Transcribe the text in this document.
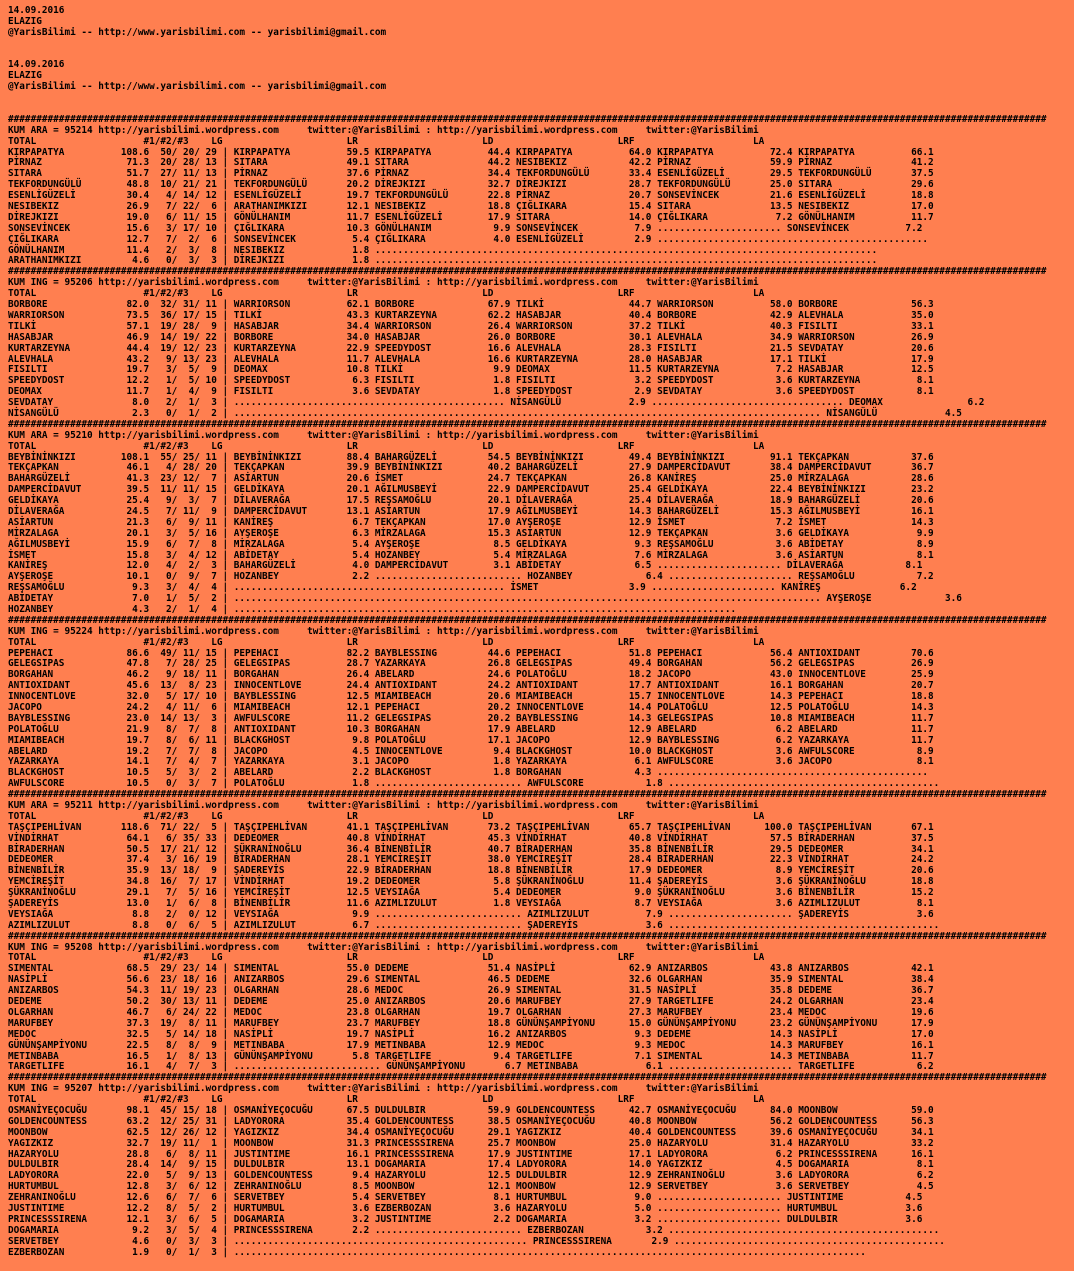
14.09.2016
ELAZIG
@YarisBilimi -- http://www.yarisbilimi.com -- yarisbilimi@gmail.com
14.09.2016
ELAZIG
@YarisBilimi -- http://www.yarisbilimi.com -- yarisbilimi@gmail.com
########################################################################################################################################################################################
KUM ARA = 95214 http://yarisbilimi.wordpress.com     twitter:@YarisBilimi : http://yarisbilimi.wordpress.com     twitter:@YarisBilimi
TOTAL                   #1/#2/#3    LG                      LR                      LD                      LRF                     LA
KIRPAPATYA          108.6  50/ 20/ 29 | KIRPAPATYA          59.5 KIRPAPATYA          44.4 KIRPAPATYA          64.0 KIRPAPATYA          72.4 KIRPAPATYA          66.1
PİRNAZ               71.3  20/ 28/ 13 | SITARA              49.1 SITARA              44.2 NESIBEKIZ           42.2 PİRNAZ              59.9 PİRNAZ              41.2
SITARA               51.7  27/ 11/ 13 | PİRNAZ              37.6 PİRNAZ              34.4 TEKFORDUNGÜLÜ       33.4 ESENLİGÜZELİ        29.5 TEKFORDUNGÜLÜ       37.5
TEKFORDUNGÜLÜ        48.8  10/ 21/ 21 | TEKFORDUNGÜLÜ       20.2 DİREJKIZI           32.7 DİREJKIZI           28.7 TEKFORDUNGÜLÜ       25.0 SITARA              29.6
ESENLİGÜZELİ         30.4   4/ 14/ 12 | ESENLİGÜZELİ        19.7 TEKFORDUNGÜLÜ       22.8 PİRNAZ              20.7 SONSEVİNCEK         21.6 ESENLİGÜZELİ        18.8
NESIBEKIZ            26.9   7/ 22/  6 | ARATHANIMKIZI       12.1 NESIBEKIZ           18.8 ÇIĞLIKARA           15.4 SITARA              13.5 NESIBEKIZ           17.0
DİREJKIZI            19.0   6/ 11/ 15 | GÖNÜLHANIM          11.7 ESENLİGÜZELİ        17.9 SITARA              14.0 ÇIĞLIKARA            7.2 GÖNÜLHANIM          11.7
SONSEVİNCEK          15.6   3/ 17/ 10 | ÇIĞLIKARA           10.3 GÖNÜLHANIM           9.9 SONSEVİNCEK          7.9 ...................... SONSEVİNCEK          7.2
ÇIĞLIKARA            12.7   7/  2/  6 | SONSEVİNCEK          5.4 ÇIĞLIKARA            4.0 ESENLİGÜZELİ         2.9 ................................................
GÖNÜLHANIM           11.4   2/  3/  8 | NESIBEKIZ            1.8 .........................................................................................
ARATHANIMKIZI         4.6   0/  3/  3 | DİREJKIZI            1.8 .........................................................................................
########################################################################################################################################################################################
KUM ING = 95206 http://yarisbilimi.wordpress.com     twitter:@YarisBilimi : http://yarisbilimi.wordpress.com     twitter:@YarisBilimi
TOTAL                   #1/#2/#3    LG                      LR                      LD                      LRF                     LA
BORBORE              82.0  32/ 31/ 11 | WARRIORSON          62.1 BORBORE             67.9 TILKİ               44.7 WARRIORSON          58.0 BORBORE             56.3
WARRIORSON           73.5  36/ 17/ 15 | TILKİ               43.3 KURTARZEYNA         62.2 HASABJAR            40.4 BORBORE             42.9 ALEVHALA            35.0
TILKİ                57.1  19/ 28/  9 | HASABJAR            34.4 WARRIORSON          26.4 WARRIORSON          37.2 TILKİ               40.3 FISILTI             33.1
HASABJAR             46.9  14/ 19/ 22 | BORBORE             34.0 HASABJAR            26.0 BORBORE             30.1 ALEVHALA            34.9 WARRIORSON          26.9
KURTARZEYNA          44.4  19/ 12/ 23 | KURTARZEYNA         22.9 SPEEDYDOST          16.6 ALEVHALA            28.3 FISILTI             21.5 SEVDATAY            20.6
ALEVHALA             43.2   9/ 13/ 23 | ALEVHALA            11.7 ALEVHALA            16.6 KURTARZEYNA         28.0 HASABJAR            17.1 TILKİ               17.9
FISILTI              19.7   3/  5/  9 | DEOMAX              10.8 TILKİ                9.9 DEOMAX              11.5 KURTARZEYNA          7.2 HASABJAR            12.5
SPEEDYDOST           12.2   1/  5/ 10 | SPEEDYDOST           6.3 FISILTI              1.8 FISILTI              3.2 SPEEDYDOST           3.6 KURTARZEYNA          8.1
DEOMAX               11.7   1/  4/  9 | FISILTI              3.6 SEVDATAY             1.8 SPEEDYDOST           2.9 SEVDATAY             3.6 SPEEDYDOST           8.1
SEVDATAY              8.0   2/  1/  3 | ................................................ NİSANGÜLÜ            2.9 .................................. DEOMAX               6.2
NİSANGÜLÜ             2.3   0/  1/  2 | ........................................................................................................ NİSANGÜLÜ            4.5
########################################################################################################################################################################################
KUM ARA = 95210 http://yarisbilimi.wordpress.com     twitter:@YarisBilimi : http://yarisbilimi.wordpress.com     twitter:@YarisBilimi
TOTAL                   #1/#2/#3    LG                      LR                      LD                      LRF                     LA
BEYBİNİNKIZI        108.1  55/ 25/ 11 | BEYBİNİNKIZI        88.4 BAHARGÜZELİ         54.5 BEYBİNİNKIZI        49.4 BEYBİNİNKIZI        91.1 TEKÇAPKAN           37.6
TEKÇAPKAN            46.1   4/ 28/ 20 | TEKÇAPKAN           39.9 BEYBİNİNKIZI        40.2 BAHARGÜZELİ         27.9 DAMPERCİDAVUT       38.4 DAMPERCİDAVUT       36.7
BAHARGÜZELİ          41.3  23/ 12/  7 | ASİARTUN            20.6 İSMET               24.7 TEKÇAPKAN           26.8 KANİREŞ             25.0 MİRZALAGA           28.6
DAMPERCİDAVUT        39.5  11/ 11/ 15 | GELDİKAYA           20.1 AĞILMUSBEYİ         22.9 DAMPERCİDAVUT       25.4 GELDİKAYA           22.4 BEYBİNİNKIZI        23.2
GELDİKAYA            25.4   9/  3/  7 | DİLAVERAĞA          17.5 REŞSAMOĞLU          20.1 DİLAVERAĞA          25.4 DİLAVERAĞA          18.9 BAHARGÜZELİ         20.6
DİLAVERAĞA           24.5   7/ 11/  9 | DAMPERCİDAVUT       13.1 ASİARTUN            17.9 AĞILMUSBEYİ         14.3 BAHARGÜZELİ         15.3 AĞILMUSBEYİ         16.1
ASİARTUN             21.3   6/  9/ 11 | KANİREŞ              6.7 TEKÇAPKAN           17.0 AYŞEROŞE            12.9 İSMET                7.2 İSMET               14.3
MİRZALAGA            20.1   3/  5/ 16 | AYŞEROŞE             6.3 MİRZALAGA           15.3 ASİARTUN            12.9 TEKÇAPKAN            3.6 GELDİKAYA            9.9
AĞILMUSBEYİ          15.9   6/  7/  8 | MİRZALAGA            5.4 AYŞEROŞE             8.5 GELDİKAYA            9.3 REŞSAMOĞLU           3.6 ABİDETAY             8.9
İSMET                15.8   3/  4/ 12 | ABİDETAY             5.4 HOZANBEY             5.4 MİRZALAGA            7.6 MİRZALAGA            3.6 ASİARTUN             8.1
KANİREŞ              12.0   4/  2/  3 | BAHARGÜZELİ          4.0 DAMPERCİDAVUT        3.1 ABİDETAY             6.5 ...................... DİLAVERAĞA           8.1
AYŞEROŞE             10.1   0/  9/  7 | HOZANBEY             2.2 .......................... HOZANBEY             6.4 ...................... REŞSAMOĞLU           7.2
REŞSAMOĞLU            9.3   3/  4/  4 | ................................................ İSMET                3.9 ...................... KANİREŞ              6.2
ABİDETAY              7.0   1/  5/  2 | ........................................................................................................ AYŞEROŞE             3.6
HOZANBEY              4.3   2/  1/  4 | .........................................................................................
########################################################################################################################################################################################
KUM ING = 95224 http://yarisbilimi.wordpress.com     twitter:@YarisBilimi : http://yarisbilimi.wordpress.com     twitter:@YarisBilimi
TOTAL                   #1/#2/#3    LG                      LR                      LD                      LRF                     LA
PEPEHACI             86.6  49/ 11/ 15 | PEPEHACI            82.2 BAYBLESSING         44.6 PEPEHACI            51.8 PEPEHACI            56.4 ANTIOXIDANT         70.6
GELEGSIPAS           47.8   7/ 28/ 25 | GELEGSIPAS          28.7 YAZARKAYA           26.8 GELEGSIPAS          49.4 BORGAHAN            56.2 GELEGSIPAS          26.9
BORGAHAN             46.2   9/ 18/ 11 | BORGAHAN            26.4 ABELARD             24.6 POLATOĞLU           18.2 JACOPO              43.0 INNOCENTLOVE        25.9
ANTIOXIDANT          45.6  13/  8/ 23 | INNOCENTLOVE        24.4 ANTIOXIDANT         24.2 ANTIOXIDANT         17.7 ANTIOXIDANT         16.1 BORGAHAN            20.7
INNOCENTLOVE         32.0   5/ 17/ 10 | BAYBLESSING         12.5 MIAMIBEACH          20.6 MIAMIBEACH          15.7 INNOCENTLOVE        14.3 PEPEHACI            18.8
JACOPO               24.2   4/ 11/  6 | MIAMIBEACH          12.1 PEPEHACI            20.2 INNOCENTLOVE        14.4 POLATOĞLU           12.5 POLATOĞLU           14.3
BAYBLESSING          23.0  14/ 13/  3 | AWFULSCORE          11.2 GELEGSIPAS          20.2 BAYBLESSING         14.3 GELEGSIPAS          10.8 MIAMIBEACH          11.7
POLATOĞLU            21.9   8/  7/  8 | ANTIOXIDANT         10.3 BORGAHAN            17.9 ABELARD             12.9 ABELARD              6.2 ABELARD             11.7
MIAMIBEACH           19.7   8/  6/ 11 | BLACKGHOST           9.8 POLATOĞLU           17.1 JACOPO              12.9 BAYBLESSING          6.2 YAZARKAYA           11.7
ABELARD              19.2   7/  7/  8 | JACOPO               4.5 INNOCENTLOVE         9.4 BLACKGHOST          10.0 BLACKGHOST           3.6 AWFULSCORE           8.9
YAZARKAYA            14.1   7/  4/  7 | YAZARKAYA            3.1 JACOPO               1.8 YAZARKAYA            6.1 AWFULSCORE           3.6 JACOPO               8.1
BLACKGHOST           10.5   5/  3/  2 | ABELARD              2.2 BLACKGHOST           1.8 BORGAHAN             4.3 ................................................
AWFULSCORE           10.5   0/  3/  7 | POLATOĞLU            1.8 .......................... AWFULSCORE           1.8 ................................................
########################################################################################################################################################################################
KUM ARA = 95211 http://yarisbilimi.wordpress.com     twitter:@YarisBilimi : http://yarisbilimi.wordpress.com     twitter:@YarisBilimi
TOTAL                   #1/#2/#3    LG                      LR                      LD                      LRF                     LA
TAŞÇIPEHLİVAN       118.6  71/ 22/  5 | TAŞÇIPEHLİVAN       41.1 TAŞÇIPEHLİVAN       73.2 TAŞÇIPEHLİVAN       65.7 TAŞÇIPEHLİVAN      100.0 TAŞÇIPEHLİVAN       67.1
VİNDİRHAT            64.1   6/ 35/ 33 | DEDEOMER            40.8 VİNDİRHAT           45.3 VİNDİRHAT           40.8 VİNDİRHAT           57.5 BİRADERHAN          37.5
BİRADERHAN           50.5  17/ 21/ 12 | ŞÜKRANİNOĞLU        36.4 BİNENBİLİR          40.7 BİRADERHAN          35.8 BİNENBİLİR          29.5 DEDEOMER            34.1
DEDEOMER             37.4   3/ 16/ 19 | BİRADERHAN          28.1 YEMCİREŞİT          38.0 YEMCİREŞİT          28.4 BİRADERHAN          22.3 VİNDİRHAT           24.2
BİNENBİLİR           35.9  13/ 18/  9 | ŞADEREYİS           22.9 BİRADERHAN          18.8 BİNENBİLİR          17.9 DEDEOMER             8.9 YEMCİREŞİT          20.6
YEMCİREŞİT           34.8  16/  7/ 17 | VİNDİRHAT           19.2 DEDEOMER             5.8 ŞÜKRANİNOĞLU        11.4 ŞADEREYİS            3.6 ŞÜKRANİNOĞLU        18.8
ŞÜKRANİNOĞLU         29.1   7/  5/ 16 | YEMCİREŞİT          12.5 VEYSIAĞA             5.4 DEDEOMER             9.0 ŞÜKRANİNOĞLU         3.6 BİNENBİLİR          15.2
ŞADEREYİS            13.0   1/  6/  8 | BİNENBİLİR          11.6 AZIMLIZULUT          1.8 VEYSIAĞA             8.7 VEYSIAĞA             3.6 AZIMLIZULUT          8.1
VEYSIAĞA              8.8   2/  0/ 12 | VEYSIAĞA             9.9 .......................... AZIMLIZULUT          7.9 ...................... ŞADEREYİS            3.6
AZIMLIZULUT           8.8   0/  6/  5 | AZIMLIZULUT          6.7 .......................... ŞADEREYİS            3.6 ................................................
########################################################################################################################################################################################
KUM ING = 95208 http://yarisbilimi.wordpress.com     twitter:@YarisBilimi : http://yarisbilimi.wordpress.com     twitter:@YarisBilimi
TOTAL                   #1/#2/#3    LG                      LR                      LD                      LRF                     LA
SIMENTAL             68.5  29/ 23/ 14 | SIMENTAL            55.0 DEDEME              51.4 NASİPLİ             62.9 ANIZARBOS           43.8 ANIZARBOS           42.1
NASİPLİ              56.6  23/ 18/ 16 | ANIZARBOS           29.6 SIMENTAL            46.5 DEDEME              32.6 OLGARHAN            35.9 SIMENTAL            38.4
ANIZARBOS            54.3  11/ 19/ 23 | OLGARHAN            28.6 MEDOC               26.9 SIMENTAL            31.5 NASİPLİ             35.8 DEDEME              36.7
DEDEME               50.2  30/ 13/ 11 | DEDEME              25.0 ANIZARBOS           20.6 MARUFBEY            27.9 TARGETLIFE          24.2 OLGARHAN            23.4
OLGARHAN             46.7   6/ 24/ 22 | MEDOC               23.8 OLGARHAN            19.7 OLGARHAN            27.3 MARUFBEY            23.4 MEDOC               19.6
MARUFBEY             37.3  19/  8/ 11 | MARUFBEY            23.7 MARUFBEY            18.8 GÜNÜNŞAMPİYONU      15.0 GÜNÜNŞAMPİYONU      23.2 GÜNÜNŞAMPİYONU      17.9
MEDOC                32.5   5/ 14/ 18 | NASİPLİ             19.7 NASİPLİ             16.2 ANIZARBOS            9.3 DEDEME              14.3 NASİPLİ             17.0
GÜNÜNŞAMPİYONU       22.5   8/  8/  9 | METINBABA           17.9 METINBABA           12.9 MEDOC                9.3 MEDOC               14.3 MARUFBEY            16.1
METINBABA            16.5   1/  8/ 13 | GÜNÜNŞAMPİYONU       5.8 TARGETLIFE           9.4 TARGETLIFE           7.1 SIMENTAL            14.3 METINBABA           11.7
TARGETLIFE           16.1   4/  7/  3 | .......................... GÜNÜNŞAMPİYONU       6.7 METINBABA            6.1 ...................... TARGETLIFE           6.2
########################################################################################################################################################################################
KUM ING = 95207 http://yarisbilimi.wordpress.com     twitter:@YarisBilimi : http://yarisbilimi.wordpress.com     twitter:@YarisBilimi
TOTAL                   #1/#2/#3    LG                      LR                      LD                      LRF                     LA
OSMANİYEÇOCUĞU       98.1  45/ 15/ 18 | OSMANİYEÇOCUĞU      67.5 DULDULBIR           59.9 GOLDENCOUNTESS      42.7 OSMANİYEÇOCUĞU      84.0 MOONBOW             59.0
GOLDENCOUNTESS       63.2  12/ 25/ 31 | LADYORORA           35.4 GOLDENCOUNTESS      38.5 OSMANİYEÇOCUĞU      40.8 MOONBOW             56.2 GOLDENCOUNTESS      56.3
MOONBOW              62.5  12/ 26/ 12 | YAGIZKIZ            34.4 OSMANİYEÇOCUĞU      29.1 YAGIZKIZ            40.4 GOLDENCOUNTESS      39.6 OSMANİYEÇOCUĞU      34.1
YAGIZKIZ             32.7  19/ 11/  1 | MOONBOW             31.3 PRINCESSSIRENA      25.7 MOONBOW             25.0 HAZARYOLU           31.4 HAZARYOLU           33.2
HAZARYOLU            28.8   6/  8/ 11 | JUSTINTIME          16.1 PRINCESSSIRENA      17.9 JUSTINTIME          17.1 LADYORORA            6.2 PRINCESSSIRENA      16.1
DULDULBIR            28.4  14/  9/ 15 | DULDULBIR           13.1 DOGAMARIA           17.4 LADYORORA           14.0 YAGIZKIZ             4.5 DOGAMARIA            8.1
LADYORORA            22.0   5/  9/ 13 | GOLDENCOUNTESS       9.4 HAZARYOLU           12.5 DULDULBIR           12.9 ZEHRANINOĞLU         3.6 LADYORORA            6.2
HURTUMBUL            12.8   3/  6/ 12 | ZEHRANINOĞLU         8.5 MOONBOW             12.1 MOONBOW             12.9 SERVETBEY            3.6 SERVETBEY            4.5
ZEHRANINOĞLU         12.6   6/  7/  6 | SERVETBEY            5.4 SERVETBEY            8.1 HURTUMBUL            9.0 ...................... JUSTINTIME           4.5
JUSTINTIME           12.2   8/  5/  2 | HURTUMBUL            3.6 EZBERBOZAN           3.6 HAZARYOLU            5.0 ...................... HURTUMBUL            3.6
PRINCESSSIRENA       12.1   3/  6/  5 | DOGAMARIA            3.2 JUSTINTIME           2.2 DOGAMARIA            3.2 ...................... DULDULBIR            3.6
DOGAMARIA             9.2   3/  5/  4 | PRINCESSSIRENA       2.2 .......................... EZBERBOZAN           3.2 ................................................
SERVETBEY             4.6   0/  3/  3 | .................................................... PRINCESSSIRENA       2.9 ................................................
EZBERBOZAN            1.9   0/  1/  3 | ................................................................................................................
